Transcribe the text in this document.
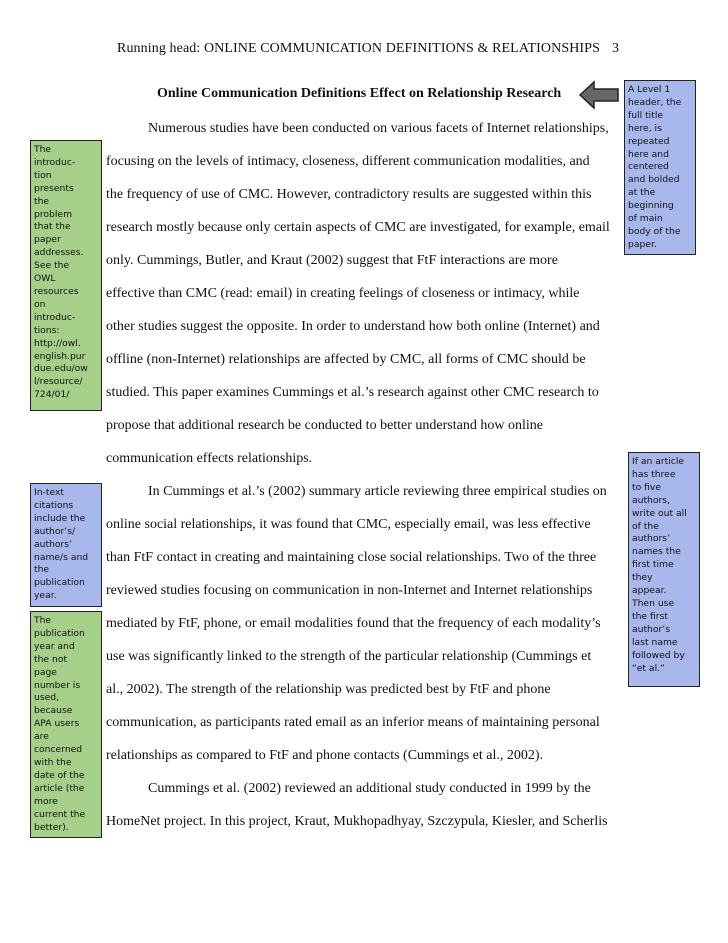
Running head: ONLINE COMMUNICATION DEFINITIONS & RELATIONSHIPS 3
Online Communication Definitions Effect on Relationship Research
Numerous studies have been conducted on various facets of Internet relationships,
focusing on the levels of intimacy, closeness, different communication modalities, and
the frequency of use of CMC. However, contradictory results are suggested within this
research mostly because only certain aspects of CMC are investigated, for example, email
only. Cummings, Butler, and Kraut (2002) suggest that FtF interactions are more
effective than CMC (read: email) in creating feelings of closeness or intimacy, while
other studies suggest the opposite. In order to understand how both online (Internet) and
offline (non-Internet) relationships are affected by CMC, all forms of CMC should be
studied. This paper examines Cummings et al.’s research against other CMC research to
propose that additional research be conducted to better understand how online
communication effects relationships.
In Cummings et al.’s (2002) summary article reviewing three empirical studies on
online social relationships, it was found that CMC, especially email, was less effective
than FtF contact in creating and maintaining close social relationships. Two of the three
reviewed studies focusing on communication in non-Internet and Internet relationships
mediated by FtF, phone, or email modalities found that the frequency of each modality’s
use was significantly linked to the strength of the particular relationship (Cummings et
al., 2002). The strength of the relationship was predicted best by FtF and phone
communication, as participants rated email as an inferior means of maintaining personal
relationships as compared to FtF and phone contacts (Cummings et al., 2002).
Cummings et al. (2002) reviewed an additional study conducted in 1999 by the
HomeNet project. In this project, Kraut, Mukhopadhyay, Szczypula, Kiesler, and Scherlis
The
introduc-
tion
presents
the
problem
that the
paper
addresses.
See the
OWL
resources
on
introduc-
tions:
http://owl.
english.pur
due.edu/ow
l/resource/
724/01/
In-text
citations
include the
author’s/
authors’
name/s and
the
publication
year.
The
publication
year and
the not
page
number is
used,
because
APA users
are
concerned
with the
date of the
article (the
more
current the
better).
A Level 1
header, the
full title
here, is
repeated
here and
centered
and bolded
at the
beginning
of main
body of the
paper.
If an article
has three
to five
authors,
write out all
of the
authors’
names the
first time
they
appear.
Then use
the first
author’s
last name
followed by
“et al.”
